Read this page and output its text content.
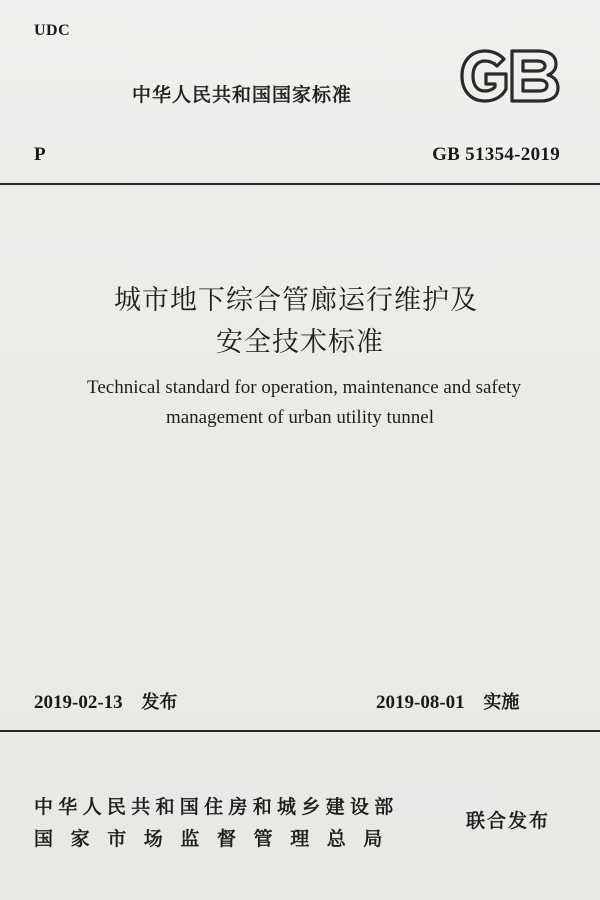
UDC
中华人民共和国国家标准
P	GB 51354-2019
城市地下综合管廊运行维护及
安全技术标准
Technical standard for operation, maintenance and safety
management of urban utility tunnel
2019-02-13 发布	2019-08-01 实施
中华人民共和国住房和城乡建设部
国家市场监督管理总局
联合发布
